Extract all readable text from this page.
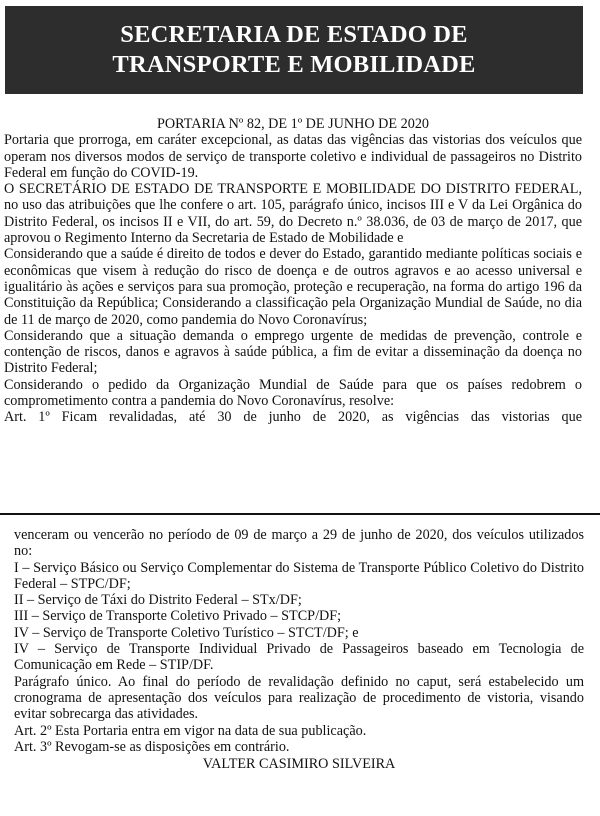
SECRETARIA DE ESTADO DE
TRANSPORTE E MOBILIDADE

PORTARIA Nº 82, DE 1º DE JUNHO DE 2020

Portaria que prorroga, em caráter excepcional, as datas das vigências das vistorias dos veículos que operam nos diversos modos de serviço de transporte coletivo e individual de passageiros no Distrito Federal em função do COVID-19.

O SECRETÁRIO DE ESTADO DE TRANSPORTE E MOBILIDADE DO DISTRITO FEDERAL, no uso das atribuições que lhe confere o art. 105, parágrafo único, incisos III e V da Lei Orgânica do Distrito Federal, os incisos II e VII, do art. 59, do Decreto n.º 38.036, de 03 de março de 2017, que aprovou o Regimento Interno da Secretaria de Estado de Mobilidade e

Considerando que a saúde é direito de todos e dever do Estado, garantido mediante políticas sociais e econômicas que visem à redução do risco de doença e de outros agravos e ao acesso universal e igualitário às ações e serviços para sua promoção, proteção e recuperação, na forma do artigo 196 da Constituição da República; Considerando a classificação pela Organização Mundial de Saúde, no dia de 11 de março de 2020, como pandemia do Novo Coronavírus;

Considerando que a situação demanda o emprego urgente de medidas de prevenção, controle e contenção de riscos, danos e agravos à saúde pública, a fim de evitar a disseminação da doença no Distrito Federal;

Considerando o pedido da Organização Mundial de Saúde para que os países redobrem o comprometimento contra a pandemia do Novo Coronavírus, resolve:

Art. 1º Ficam revalidadas, até 30 de junho de 2020, as vigências das vistorias que

venceram ou vencerão no período de 09 de março a 29 de junho de 2020, dos veículos utilizados no:

I – Serviço Básico ou Serviço Complementar do Sistema de Transporte Público Coletivo do Distrito Federal – STPC/DF;

II – Serviço de Táxi do Distrito Federal – STx/DF;

III – Serviço de Transporte Coletivo Privado – STCP/DF;

IV – Serviço de Transporte Coletivo Turístico – STCT/DF; e

IV – Serviço de Transporte Individual Privado de Passageiros baseado em Tecnologia de Comunicação em Rede – STIP/DF.

Parágrafo único. Ao final do período de revalidação definido no caput, será estabelecido um cronograma de apresentação dos veículos para realização de procedimento de vistoria, visando evitar sobrecarga das atividades.

Art. 2º Esta Portaria entra em vigor na data de sua publicação.

Art. 3º Revogam-se as disposições em contrário.

VALTER CASIMIRO SILVEIRA
